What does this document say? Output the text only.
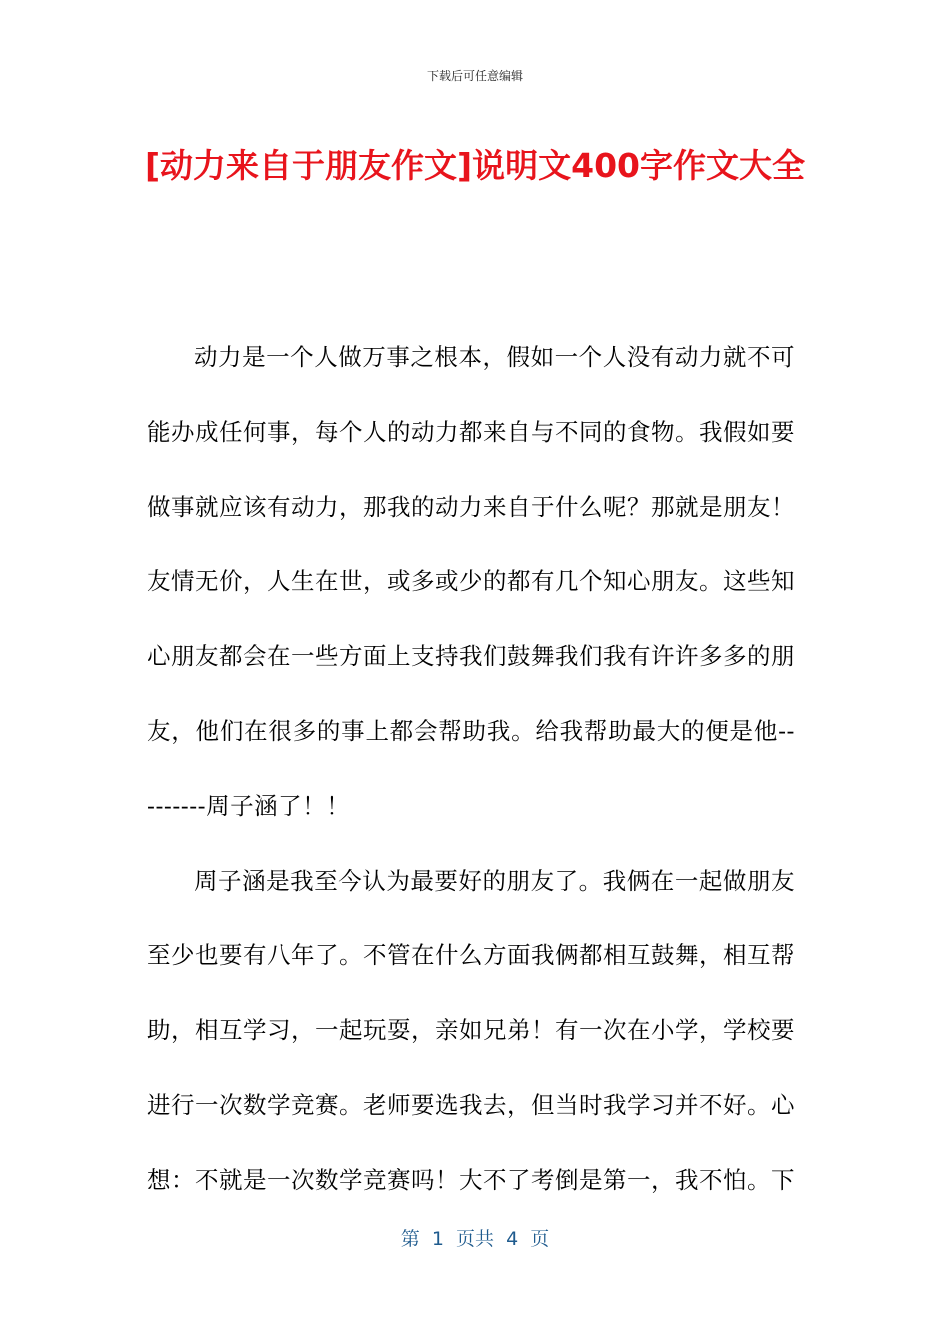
下载后可任意编辑
[动力来自于朋友作文]说明文400字作文大全

动力是一个人做万事之根本，假如一个人没有动力就不可能办成任何事，每个人的动力都来自与不同的食物。我假如要做事就应该有动力，那我的动力来自于什么呢？那就是朋友！友情无价，人生在世，或多或少的都有几个知心朋友。这些知心朋友都会在一些方面上支持我们鼓舞我们我有许许多多的朋友，他们在很多的事上都会帮助我。给我帮助最大的便是他---------周子涵了！！

周子涵是我至今认为最要好的朋友了。我俩在一起做朋友至少也要有八年了。不管在什么方面我俩都相互鼓舞，相互帮助，相互学习，一起玩耍，亲如兄弟！有一次在小学，学校要进行一次数学竞赛。老师要选我去，但当时我学习并不好。心想：不就是一次数学竞赛吗！大不了考倒是第一，我不怕。下

第  1  页共  4  页
